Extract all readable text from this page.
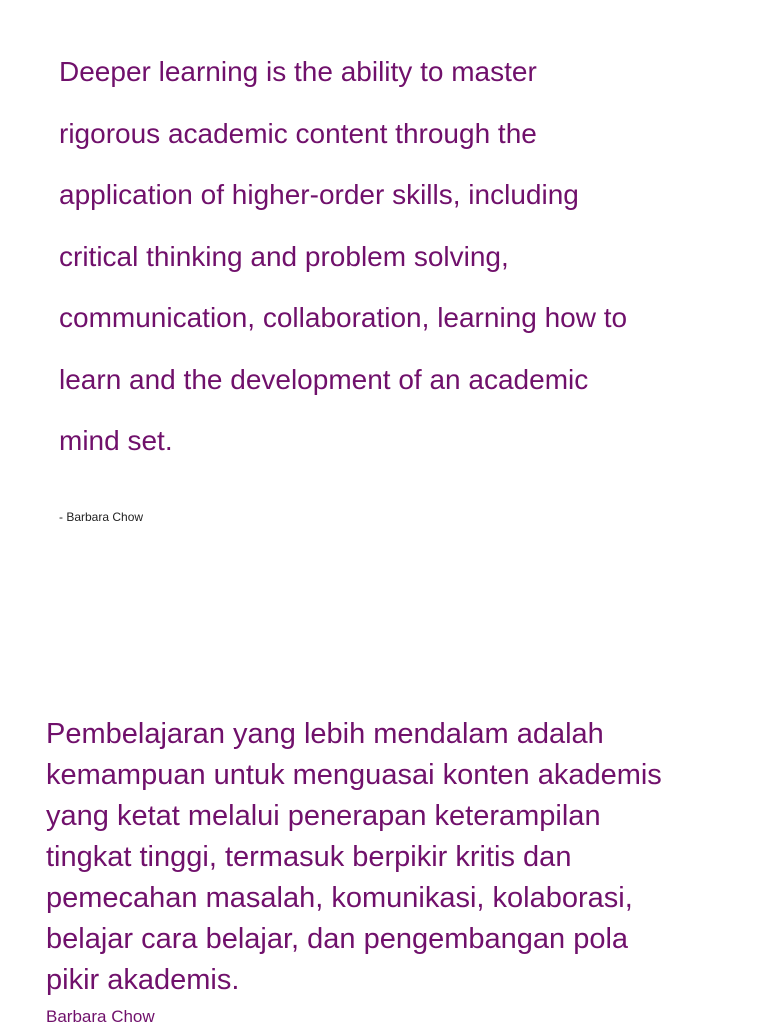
Deeper learning is the ability to master
rigorous academic content through the
application of higher-order skills, including
critical thinking and problem solving,
communication, collaboration, learning how to
learn and the development of an academic
mind set.
- Barbara Chow
Pembelajaran yang lebih mendalam adalah
kemampuan untuk menguasai konten akademis
yang ketat melalui penerapan keterampilan
tingkat tinggi, termasuk berpikir kritis dan
pemecahan masalah, komunikasi, kolaborasi,
belajar cara belajar, dan pengembangan pola
pikir akademis.
Barbara Chow
